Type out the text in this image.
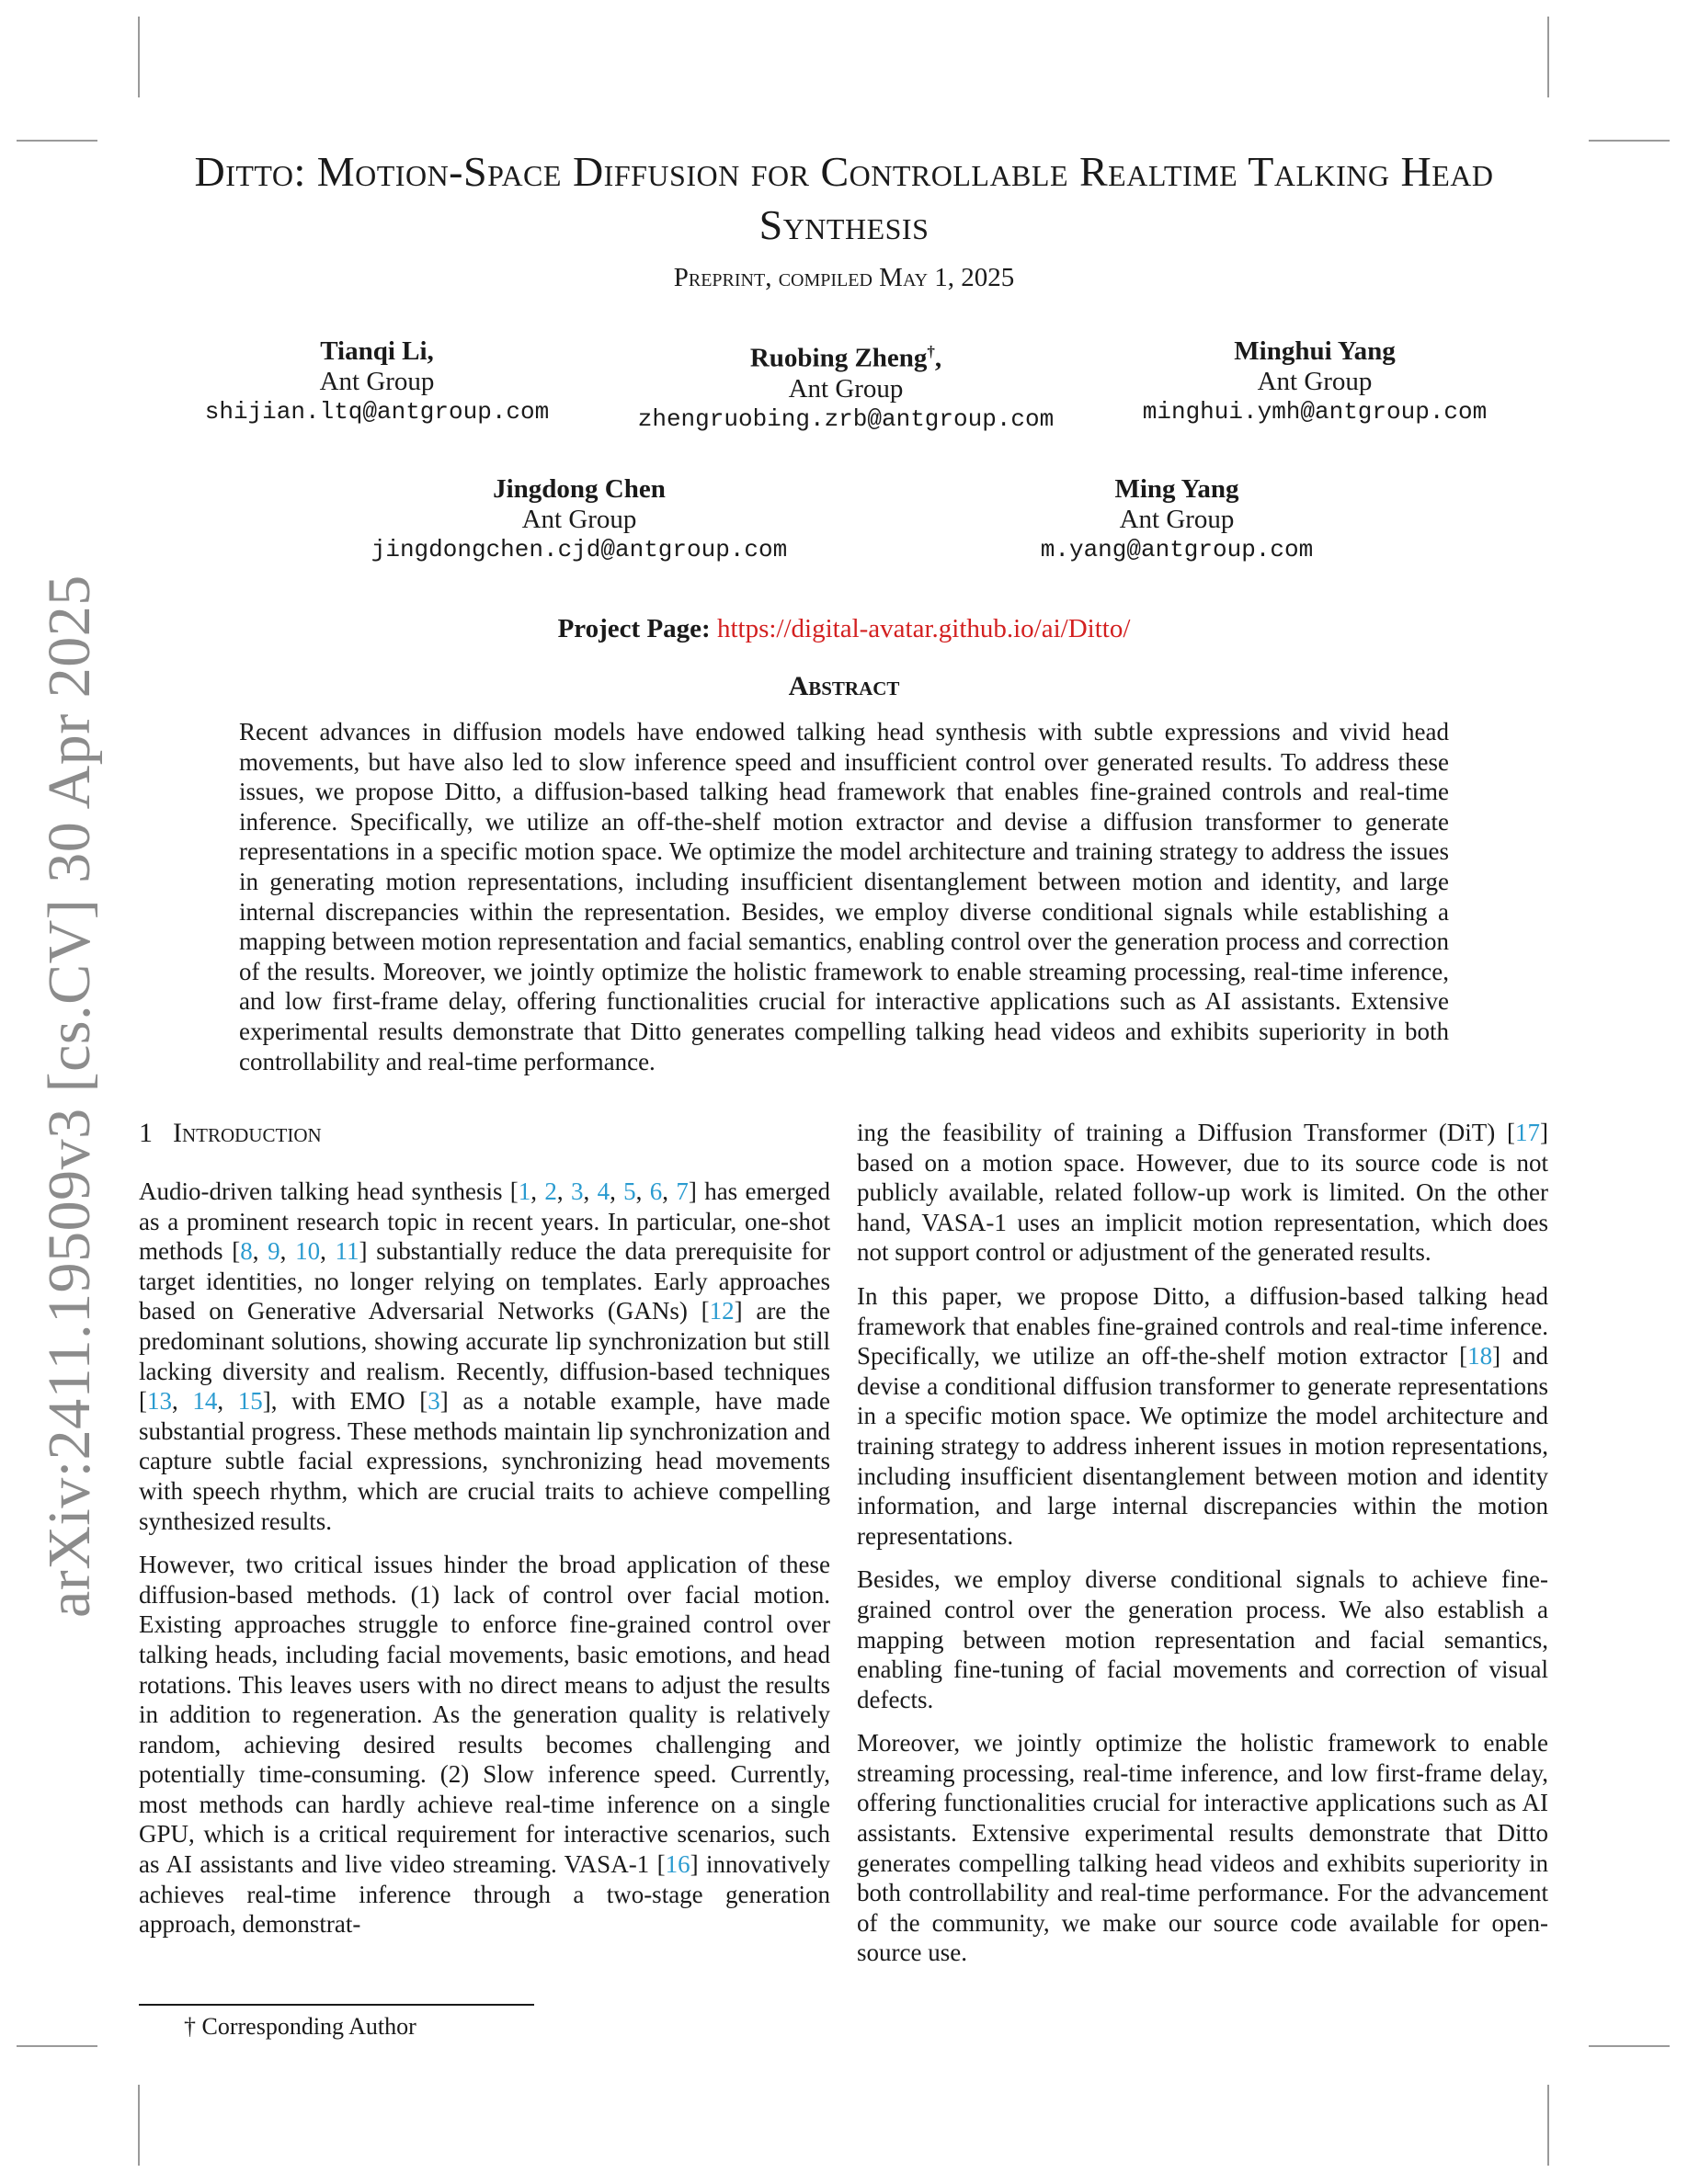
arXiv:2411.19509v3 [cs.CV] 30 Apr 2025
Ditto: Motion-Space Diffusion for Controllable Realtime Talking Head Synthesis
Preprint, compiled May 1, 2025
Tianqi Li,
Ant Group
shijian.ltq@antgroup.com
Ruobing Zheng†,
Ant Group
zhengruobing.zrb@antgroup.com
Minghui Yang
Ant Group
minghui.ymh@antgroup.com
Jingdong Chen
Ant Group
jingdongchen.cjd@antgroup.com
Ming Yang
Ant Group
m.yang@antgroup.com
Project Page: https://digital-avatar.github.io/ai/Ditto/
Abstract
Recent advances in diffusion models have endowed talking head synthesis with subtle expressions and vivid head movements, but have also led to slow inference speed and insufficient control over generated results. To address these issues, we propose Ditto, a diffusion-based talking head framework that enables fine-grained controls and real-time inference. Specifically, we utilize an off-the-shelf motion extractor and devise a diffusion transformer to generate representations in a specific motion space. We optimize the model architecture and training strategy to address the issues in generating motion representations, including insufficient disentanglement between motion and identity, and large internal discrepancies within the representation. Besides, we employ diverse conditional signals while establishing a mapping between motion representation and facial semantics, enabling control over the generation process and correction of the results. Moreover, we jointly optimize the holistic framework to enable streaming processing, real-time inference, and low first-frame delay, offering functionalities crucial for interactive applications such as AI assistants. Extensive experimental results demonstrate that Ditto generates compelling talking head videos and exhibits superiority in both controllability and real-time performance.
1 Introduction

Audio-driven talking head synthesis [1, 2, 3, 4, 5, 6, 7] has emerged as a prominent research topic in recent years. In particular, one-shot methods [8, 9, 10, 11] substantially reduce the data prerequisite for target identities, no longer relying on templates. Early approaches based on Generative Adversarial Networks (GANs) [12] are the predominant solutions, showing accurate lip synchronization but still lacking diversity and realism. Recently, diffusion-based techniques [13, 14, 15], with EMO [3] as a notable example, have made substantial progress. These methods maintain lip synchronization and capture subtle facial expressions, synchronizing head movements with speech rhythm, which are crucial traits to achieve compelling synthesized results.

However, two critical issues hinder the broad application of these diffusion-based methods. (1) lack of control over facial motion. Existing approaches struggle to enforce fine-grained control over talking heads, including facial movements, basic emotions, and head rotations. This leaves users with no direct means to adjust the results in addition to regeneration. As the generation quality is relatively random, achieving desired results becomes challenging and potentially time-consuming. (2) Slow inference speed. Currently, most methods can hardly achieve real-time inference on a single GPU, which is a critical requirement for interactive scenarios, such as AI assistants and live video streaming. VASA-1 [16] innovatively achieves real-time inference through a two-stage generation approach, demonstrat-

ing the feasibility of training a Diffusion Transformer (DiT) [17] based on a motion space. However, due to its source code is not publicly available, related follow-up work is limited. On the other hand, VASA-1 uses an implicit motion representation, which does not support control or adjustment of the generated results.

In this paper, we propose Ditto, a diffusion-based talking head framework that enables fine-grained controls and real-time inference. Specifically, we utilize an off-the-shelf motion extractor [18] and devise a conditional diffusion transformer to generate representations in a specific motion space. We optimize the model architecture and training strategy to address inherent issues in motion representations, including insufficient disentanglement between motion and identity information, and large internal discrepancies within the motion representations.

Besides, we employ diverse conditional signals to achieve fine-grained control over the generation process. We also establish a mapping between motion representation and facial semantics, enabling fine-tuning of facial movements and correction of visual defects.

Moreover, we jointly optimize the holistic framework to enable streaming processing, real-time inference, and low first-frame delay, offering functionalities crucial for interactive applications such as AI assistants. Extensive experimental results demonstrate that Ditto generates compelling talking head videos and exhibits superiority in both controllability and real-time performance. For the advancement of the community, we make our source code available for open-source use.

† Corresponding Author
